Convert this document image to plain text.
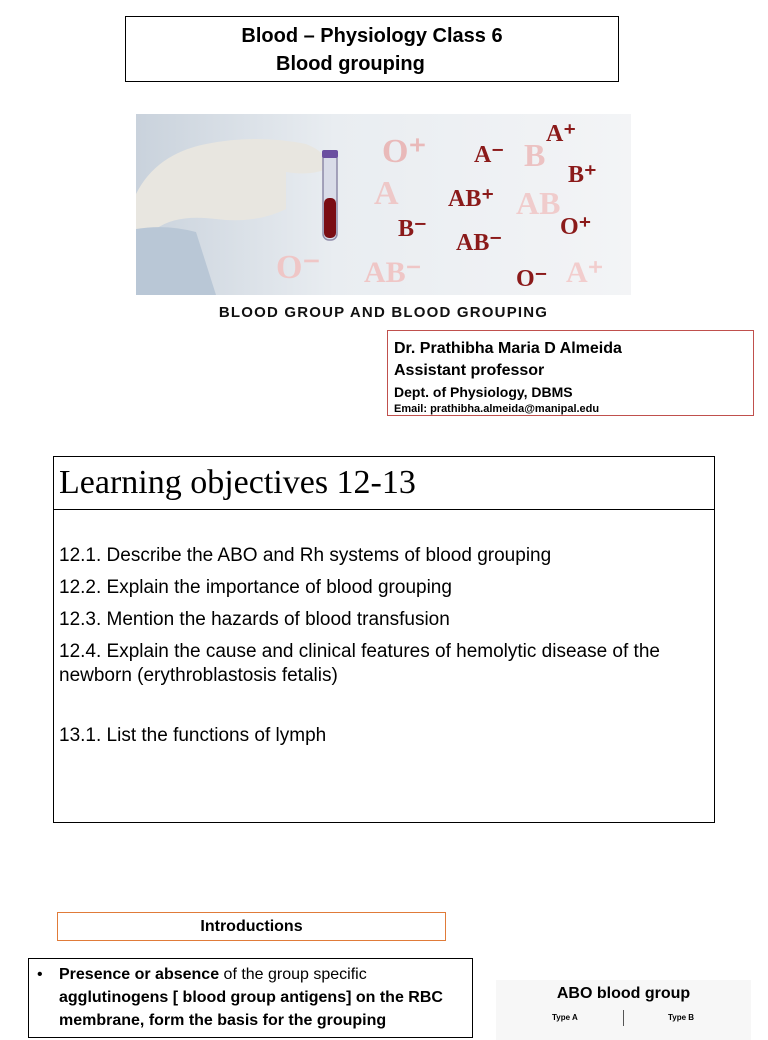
Blood – Physiology Class 6
Blood grouping
A⁺
O⁺ A⁻ B
B⁺
A AB⁺ AB
B⁻
AB⁻
O⁺
O⁻ AB⁻	O⁻ A⁺
BLOOD GROUP AND BLOOD GROUPING
Dr. Prathibha Maria D Almeida
Assistant professor
Dept. of Physiology, DBMS
Email: prathibha.almeida@manipal.edu
Learning objectives 12-13
12.1. Describe the ABO and Rh systems of blood grouping
12.2. Explain the importance of blood grouping
12.3. Mention the hazards of blood transfusion
12.4. Explain the cause and clinical features of hemolytic disease of the newborn (erythroblastosis fetalis)
13.1. List the functions of lymph
Introductions
• Presence or absence of the group specific
agglutinogens [ blood group antigens] on the RBC membrane, form the basis for the grouping
ABO blood group
Type A	Type B
